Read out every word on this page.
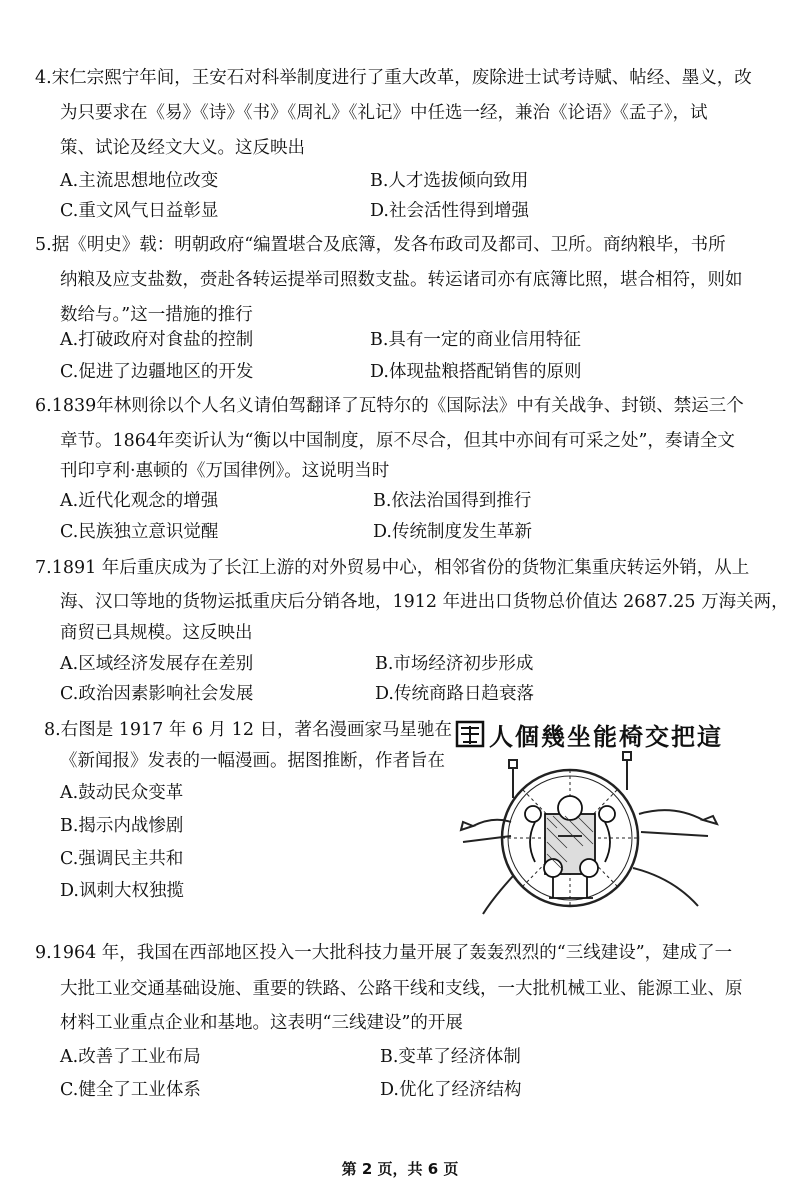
4.宋仁宗熙宁年间，王安石对科举制度进行了重大改革，废除进士试考诗赋、帖经、墨义，改
为只要求在《易》《诗》《书》《周礼》《礼记》中任选一经，兼治《论语》《孟子》，试
策、试论及经文大义。这反映出
A.主流思想地位改变	B.人才选拔倾向致用
C.重文风气日益彰显	D.社会活性得到增强
5.据《明史》载：明朝政府“编置堪合及底簿，发各布政司及都司、卫所。商纳粮毕，书所
纳粮及应支盐数，赍赴各转运提举司照数支盐。转运诸司亦有底簿比照，堪合相符，则如
数给与。”这一措施的推行
A.打破政府对食盐的控制	B.具有一定的商业信用特征
C.促进了边疆地区的开发	D.体现盐粮搭配销售的原则
6.1839年林则徐以个人名义请伯驾翻译了瓦特尔的《国际法》中有关战争、封锁、禁运三个
章节。1864年奕䜣认为“衡以中国制度，原不尽合，但其中亦间有可采之处”，奏请全文
刊印亨利·惠顿的《万国律例》。这说明当时
A.近代化观念的增强	B.依法治国得到推行
C.民族独立意识觉醒	D.传统制度发生革新
7.1891 年后重庆成为了长江上游的对外贸易中心，相邻省份的货物汇集重庆转运外销，从上
海、汉口等地的货物运抵重庆后分销各地，1912 年进出口货物总价值达 2687.25 万海关两，
商贸已具规模。这反映出
A.区域经济发展存在差别	B.市场经济初步形成
C.政治因素影响社会发展	D.传统商路日趋衰落
8.右图是 1917 年 6 月 12 日，著名漫画家马星驰在
《新闻报》发表的一幅漫画。据图推断，作者旨在
A.鼓动民众变革
B.揭示内战惨剧
C.强调民主共和
D.讽刺大权独揽
人個幾坐能椅交把這
9.1964 年，我国在西部地区投入一大批科技力量开展了轰轰烈烈的“三线建设”，建成了一
大批工业交通基础设施、重要的铁路、公路干线和支线，一大批机械工业、能源工业、原
材料工业重点企业和基地。这表明“三线建设”的开展
A.改善了工业布局	B.变革了经济体制
C.健全了工业体系	D.优化了经济结构
第 2 页，共 6 页
